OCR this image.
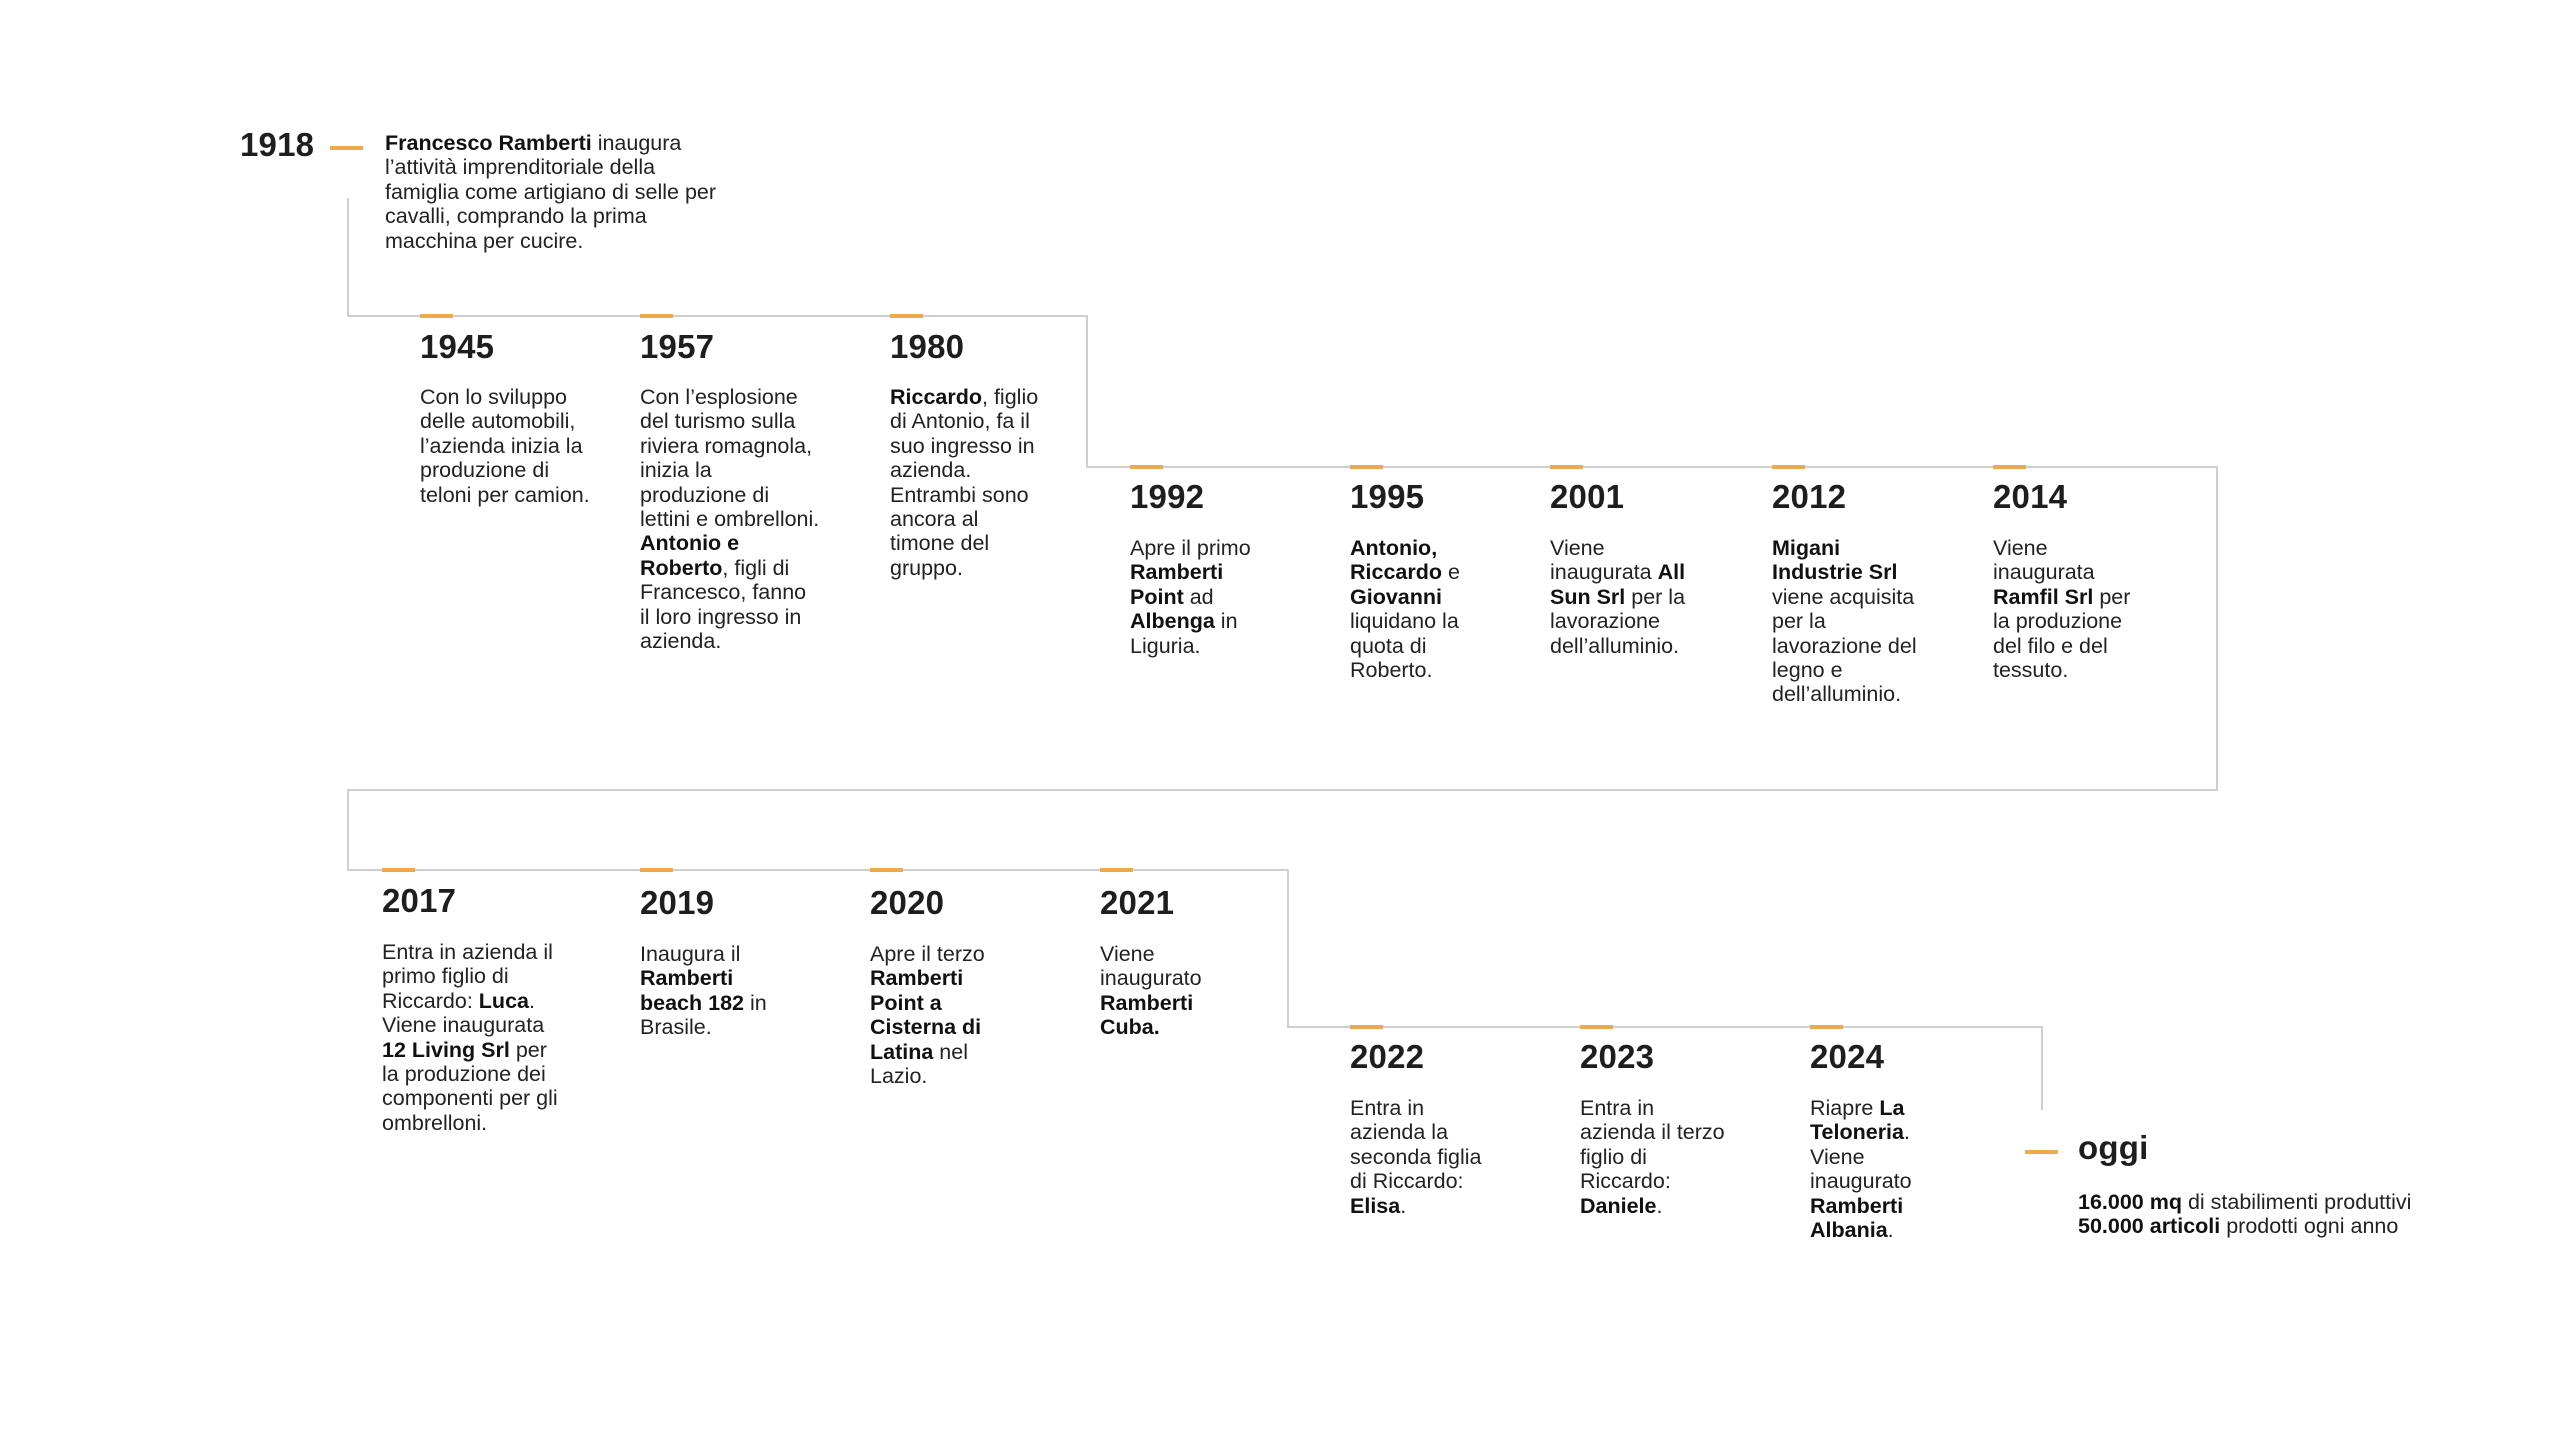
1918	Francesco Ramberti inaugura l’attività imprenditoriale della famiglia come artigiano di selle per cavalli, comprando la prima macchina per cucire.
1945
Con lo sviluppo delle automobili, l’azienda inizia la produzione di teloni per camion.
1957
Con l’esplosione del turismo sulla riviera romagnola, inizia la produzione di lettini e ombrelloni. Antonio e Roberto, figli di Francesco, fanno il loro ingresso in azienda.
1980
Riccardo, figlio di Antonio, fa il suo ingresso in azienda. Entrambi sono ancora al timone del gruppo.
1992
Apre il primo Ramberti Point ad Albenga in Liguria.
1995
Antonio, Riccardo e Giovanni liquidano la quota di Roberto.
2001
Viene inaugurata All Sun Srl per la lavorazione dell’alluminio.
2012
Migani Industrie Srl viene acquisita per la lavorazione del legno e dell’alluminio.
2014
Viene inaugurata Ramfil Srl per la produzione del filo e del tessuto.
2017
Entra in azienda il primo figlio di Riccardo: Luca. Viene inaugurata 12 Living Srl per la produzione dei componenti per gli ombrelloni.
2019
Inaugura il Ramberti beach 182 in Brasile.
2020
Apre il terzo Ramberti Point a Cisterna di Latina nel Lazio.
2021
Viene inaugurato Ramberti Cuba.
2022
Entra in azienda la seconda figlia di Riccardo: Elisa.
2023
Entra in azienda il terzo figlio di Riccardo: Daniele.
2024
Riapre La Teloneria. Viene inaugurato Ramberti Albania.
oggi
16.000 mq di stabilimenti produttivi
50.000 articoli prodotti ogni anno
